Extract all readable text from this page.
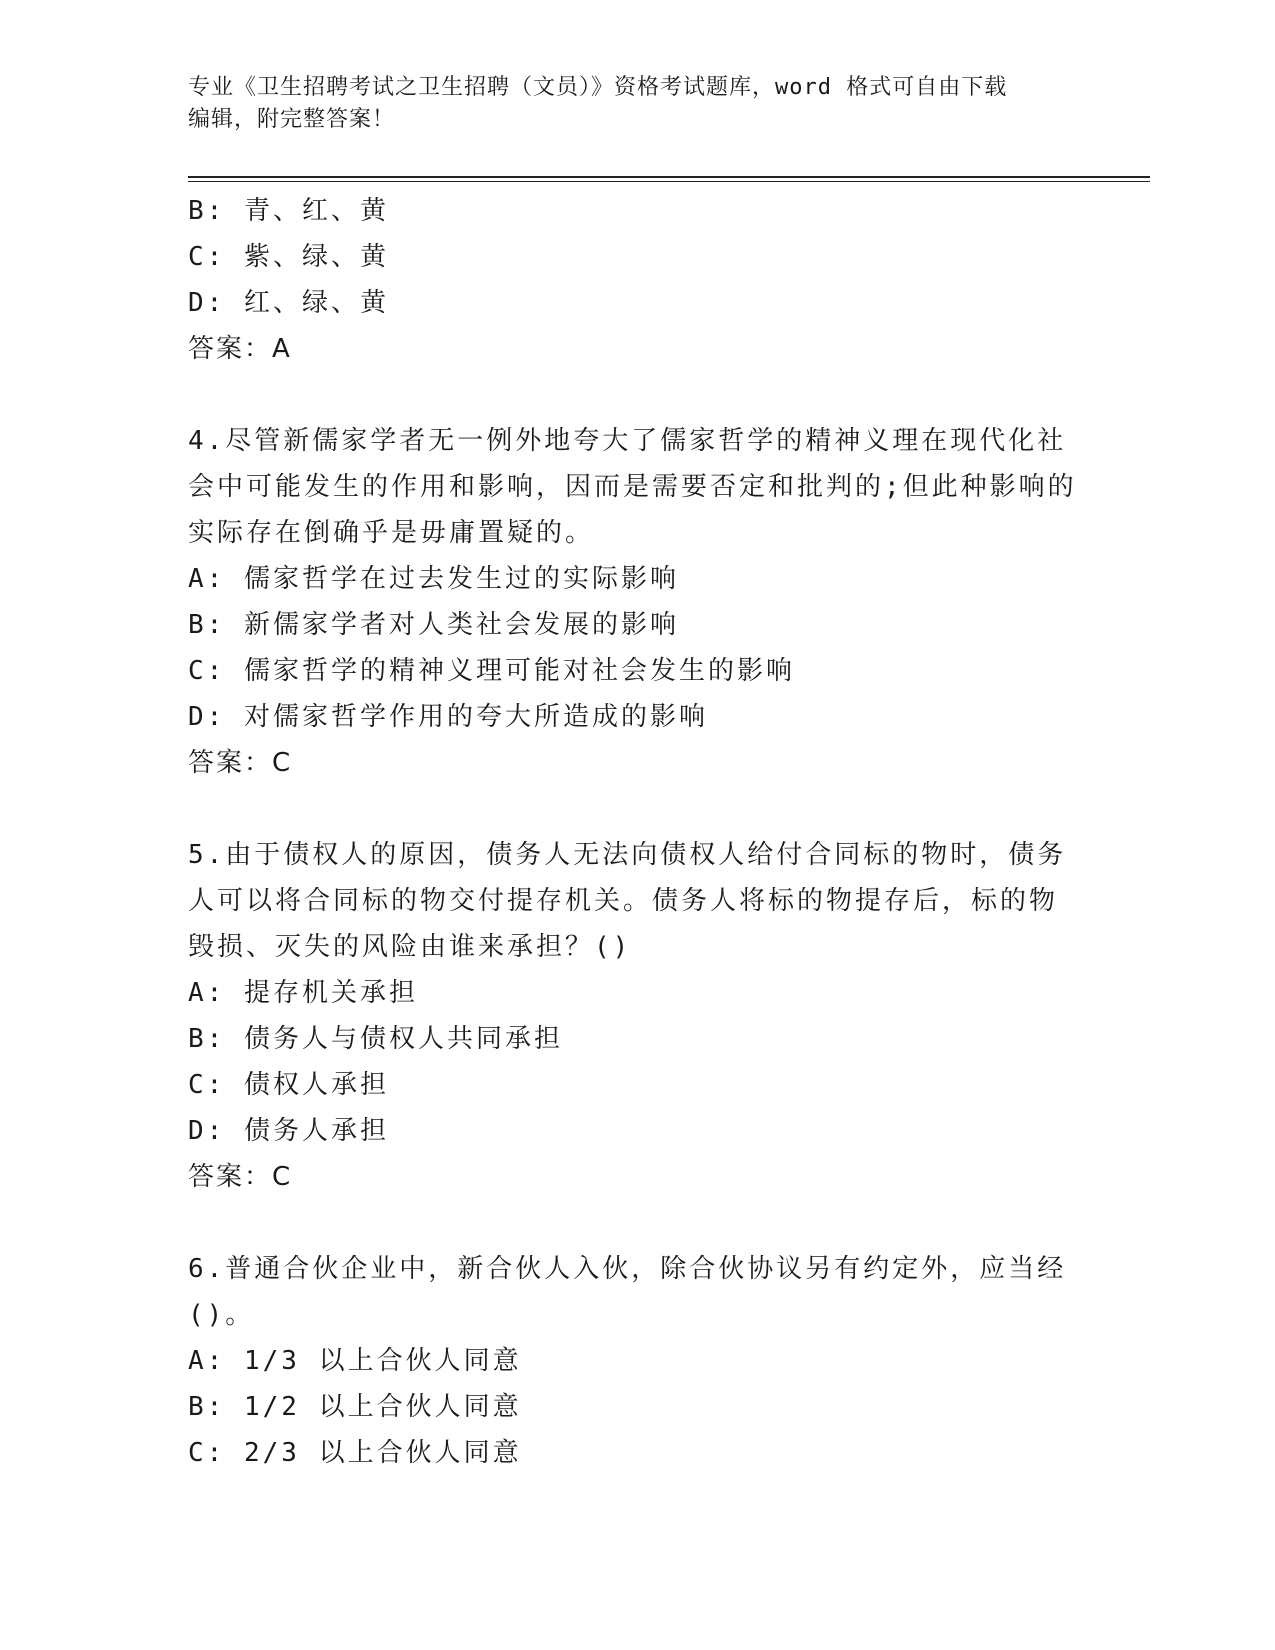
专业《卫生招聘考试之卫生招聘（文员）》资格考试题库，word 格式可自由下载
编辑，附完整答案！
B: 青、红、黄
C: 紫、绿、黄
D: 红、绿、黄
答案：A
4.尽管新儒家学者无一例外地夸大了儒家哲学的精神义理在现代化社
会中可能发生的作用和影响，因而是需要否定和批判的;但此种影响的
实际存在倒确乎是毋庸置疑的。
A: 儒家哲学在过去发生过的实际影响
B: 新儒家学者对人类社会发展的影响
C: 儒家哲学的精神义理可能对社会发生的影响
D: 对儒家哲学作用的夸大所造成的影响
答案：C
5.由于债权人的原因，债务人无法向债权人给付合同标的物时，债务
人可以将合同标的物交付提存机关。债务人将标的物提存后，标的物
毁损、灭失的风险由谁来承担？()
A: 提存机关承担
B: 债务人与债权人共同承担
C: 债权人承担
D: 债务人承担
答案：C
6.普通合伙企业中，新合伙人入伙，除合伙协议另有约定外，应当经
()。
A: 1/3 以上合伙人同意
B: 1/2 以上合伙人同意
C: 2/3 以上合伙人同意
